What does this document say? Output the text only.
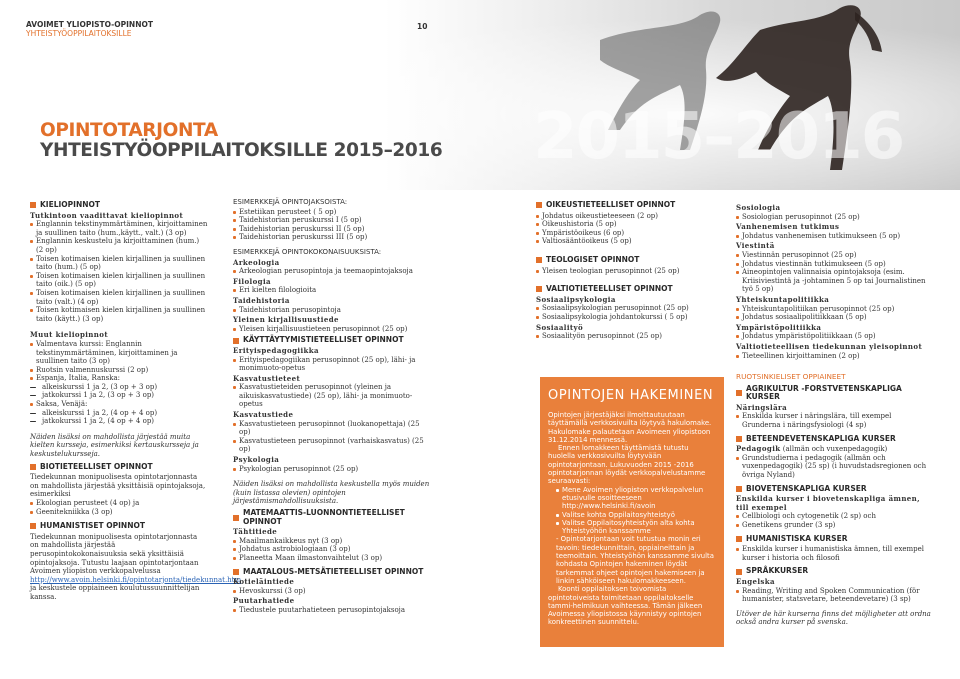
AVOIMET YLIOPISTO-OPINNOT
YHTEISTYÖOPPILAITOKSILLE
10
2015–2016
OPINTOTARJONTA
YHTEISTYÖOPPILAITOKSILLE 2015–2016
KIELIOPINNOT
Tutkintoon vaadittavat kieliopinnot
Englannin tekstinymmärtäminen, kirjoittaminen ja suullinen taito (hum.,käytt., valt.) (3 op)
Englannin keskustelu ja kirjoittaminen (hum.) (2 op)
Toisen kotimaisen kielen kirjallinen ja suullinen taito (hum.) (5 op)
Toisen kotimaisen kielen kirjallinen ja suullinen taito (oik.) (5 op)
Toisen kotimaisen kielen kirjallinen ja suullinen taito (valt.) (4 op)
Toisen kotimaisen kielen kirjallinen ja suullinen taito (käytt.) (3 op)
Muut kieliopinnot
Valmentava kurssi: Englannin tekstinymmärtäminen, kirjoittaminen ja suullinen taito (3 op)
Ruotsin valmennuskurssi (2 op)
Espanja, Italia, Ranska:
alkeiskurssi 1 ja 2, (3 op + 3 op)
jatkokurssi 1 ja 2, (3 op + 3 op)
Saksa, Venäjä:
alkeiskurssi 1 ja 2, (4 op + 4 op)
jatkokurssi 1 ja 2, (4 op + 4 op)

Näiden lisäksi on mahdollista järjestää muita kielten kursseja, esimerkiksi kertauskursseja ja keskustelukursseja.

BIOTIETEELLISET OPINNOT

Tiedekunnan monipuolisesta opintotarjonnasta on mahdollista järjestää yksittäisiä opintojaksoja, esimerkiksi

Ekologian perusteet (4 op) ja
Geenitekniikka (3 op)
HUMANISTISET OPINNOT

Tiedekunnan monipuolisesta opintotarjonnasta on mahdollista järjestää perusopintokokonaisuuksia sekä yksittäisiä opintojaksoja. Tutustu laajaan opintotarjontaan Avoimen yliopiston verkkopalvelussa http://www.avoin.helsinki.fi/opintotarjonta/tiedekunnat.htm ja keskustele oppiaineen koulutussuunnittelijan kanssa.

ESIMERKKEJÄ OPINTOJAKSOISTA:
Estetiikan perusteet ( 5 op)
Taidehistorian peruskurssi I (5 op)
Taidehistorian peruskurssi II (5 op)
Taidehistorian peruskurssi III (5 op)
ESIMERKKEJÄ OPINTOKOKONAISUUKSISTA:
Arkeologia
Arkeologian perusopintoja ja teemaopintojaksoja
Filologia
Eri kielten filologioita
Taidehistoria
Taidehistorian perusopintoja
Yleinen kirjallisuustiede
Yleisen kirjallisuustieteen perusopinnot (25 op)
KÄYTTÄYTYMISTIETEELLISET OPINNOT
Erityispedagogiikka
Erityispedagogiikan perusopinnot (25 op), lähi- ja monimuoto-opetus
Kasvatustieteet
Kasvatustieteiden perusopinnot (yleinen ja aikuiskasvatustiede) (25 op), lähi- ja monimuoto-opetus
Kasvatustiede
Kasvatustieteen perusopinnot (luokanopettaja) (25 op)
Kasvatustieteen perusopinnot (varhaiskasvatus) (25 op)
Psykologia
Psykologian perusopinnot (25 op)

Näiden lisäksi on mahdollista keskustella myös muiden (kuin listassa olevien) opintojen järjestämismahdollisuuksista.

MATEMAATTIS-LUONNONTIETEELLISET OPINNOT
Tähtitiede
Maailmankaikkeus nyt (3 op)
Johdatus astrobiologiaan (3 op)
Planeetta Maan ilmastonvaihtelut (3 op)
MAATALOUS-METSÄTIETEELLISET OPINNOT
Kotieläintiede
Hevoskurssi (3 op)
Puutarhatiede
Tiedustele puutarhatieteen perusopintojaksoja
OIKEUSTIETEELLISET OPINNOT
Johdatus oikeustieteeseen (2 op)
Oikeushistoria (5 op)
Ympäristöoikeus (6 op)
Valtiosääntöoikeus (5 op)
TEOLOGISET OPINNOT
Yleisen teologian perusopinnot (25 op)
VALTIOTIETEELLISET OPINNOT
Sosiaalipsykologia
Sosiaalipsykologian perusopinnot (25 op)
Sosiaalipsykologia johdantokurssi ( 5 op)
Sosiaalityö
Sosiaalityön perusopinnot (25 op)
OPINTOJEN HAKEMINEN

Opintojen järjestäjäksi ilmoittautuutaan täyttämällä verkkosivuilta löytyvä hakulomake. Hakulomake palautetaan Avoimeen yliopistoon 31.12.2014 mennessä.

Ennen lomakkeen täyttämistä tutustu huolella verkkosivuilta löytyvään opintotarjontaan. Lukuvuoden 2015 -2016 opintotarjonnan löydät verkkopalvelustamme seuraavasti:

Mene Avoimen yliopiston verkkopalvelun etusivulle osoitteeseen http://www.helsinki.fi/avoin
Valitse kohta Oppilaitosyhteistyö
Valitse Oppilaitosyhteistyön alta kohta Yhteistyöhön kanssamme

- Opintotarjontaan voit tutustua monin eri tavoin: tiedekunnittain, oppiaineittain ja teemoittain. Yhteistyöhön kanssamme sivulta kohdasta Opintojen hakeminen löydät tarkemmat ohjeet opintojen hakemiseen ja linkin sähköiseen hakulomakkeeseen.

Koonti oppilaitoksen toivomista opintotoiveista toimitetaan oppilaitokselle tammi-helmikuun vaihteessa. Tämän jälkeen Avoimessa yliopistossa käynnistyy opintojen konkreettinen suunnittelu.

Sosiologia
Sosiologian perusopinnot (25 op)
Vanhenemisen tutkimus
Johdatus vanhenemisen tutkimukseen (5 op)
Viestintä
Viestinnän perusopinnot (25 op)
Johdatus viestinnän tutkimukseen (5 op)
Aineopintojen valinnaisia opintojaksoja (esim. Kriisiviestintä ja -johtaminen 5 op tai Journalistinen työ 5 op)
Yhteiskuntapolitiikka
Yhteiskuntapolitiikan perusopinnot (25 op)
Johdatus sosiaalipolitiikkaan (5 op)
Ympäristöpolitiikka
Johdatus ympäristöpolitiikkaan (5 op)
Valtiotieteellisen tiedekunnan yleisopinnot
Tieteellinen kirjoittaminen (2 op)
RUOTSINKIELISET OPPIAINEET
AGRIKULTUR -FORSTVETENSKAPLIGA KURSER
Näringslära
Enskilda kurser i näringslära, till exempel Grunderna i näringsfysiologi (4 sp)
BETEENDEVETENSKAPLIGA KURSER
Pedagogik (allmän och vuxenpedagogik)
Grundstudierna i pedagogik (allmän och vuxenpedagogik) (25 sp) (i huvudstadsregionen och övriga Nyland)
BIOVETENSKAPLIGA KURSER
Enskilda kurser i biovetenskapliga ämnen, till exempel
Cellbiologi och cytogenetik (2 sp) och
Genetikens grunder (3 sp)
HUMANISTISKA KURSER
Enskilda kurser i humanistiska ämnen, till exempel kurser i historia och filosofi
SPRÅKKURSER
Engelska
Reading, Writing and Spoken Communication (för humanister, statsvetare, beteendevetare) (3 sp)

Utöver de här kurserna finns det möjligheter att ordna också andra kurser på svenska.
